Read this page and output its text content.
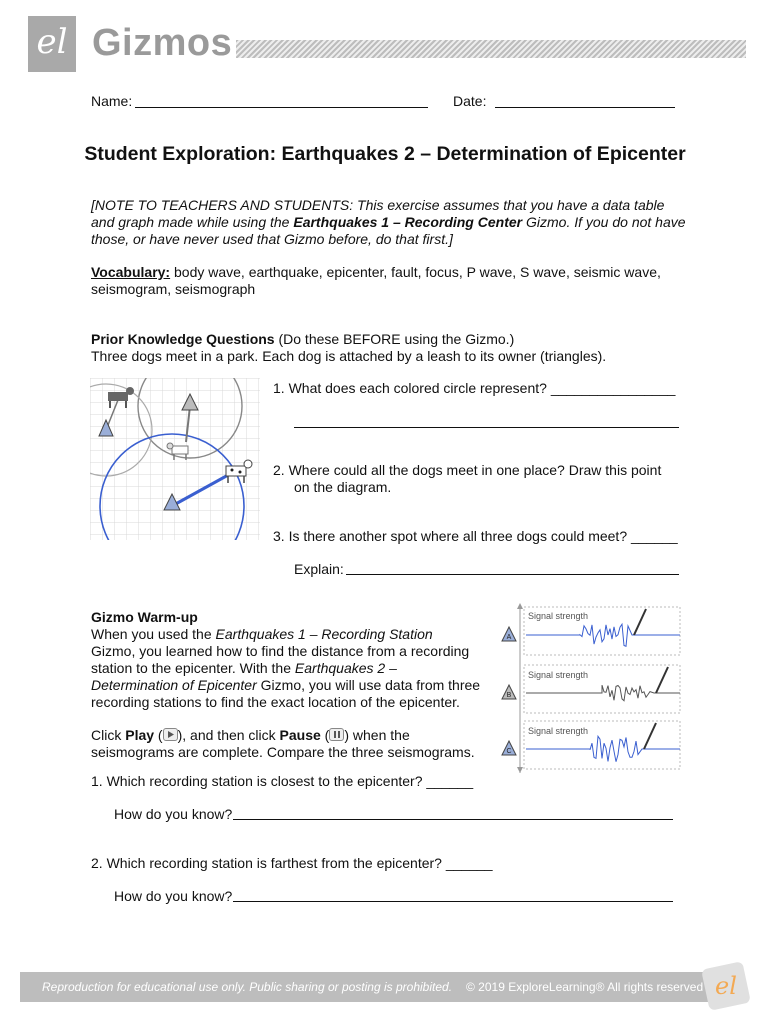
el Gizmos
Name:	Date:
Student Exploration: Earthquakes 2 – Determination of Epicenter
[NOTE TO TEACHERS AND STUDENTS: This exercise assumes that you have a data table
and graph made while using the Earthquakes 1 – Recording Center Gizmo. If you do not have
those, or have never used that Gizmo before, do that first.]
Vocabulary: body wave, earthquake, epicenter, fault, focus, P wave, S wave, seismic wave,
seismogram, seismograph
Prior Knowledge Questions (Do these BEFORE using the Gizmo.)
Three dogs meet in a park. Each dog is attached by a leash to its owner (triangles).
1. What does each colored circle represent? ________________
2. Where could all the dogs meet in one place? Draw this point
on the diagram.
3. Is there another spot where all three dogs could meet? ______
Explain:
Gizmo Warm-up
When you used the Earthquakes 1 – Recording Station
Gizmo, you learned how to find the distance from a recording
station to the epicenter. With the Earthquakes 2 –
Determination of Epicenter Gizmo, you will use data from three
recording stations to find the exact location of the epicenter.
Click Play ( ), and then click Pause ( ) when the
seismograms are complete. Compare the three seismograms.
A
B
C
Signal strength
Signal strength
Signal strength
1. Which recording station is closest to the epicenter? ______
How do you know?
2. Which recording station is farthest from the epicenter? ______
How do you know?
Reproduction for educational use only. Public sharing or posting is prohibited. © 2019 ExploreLearning® All rights reserved el
